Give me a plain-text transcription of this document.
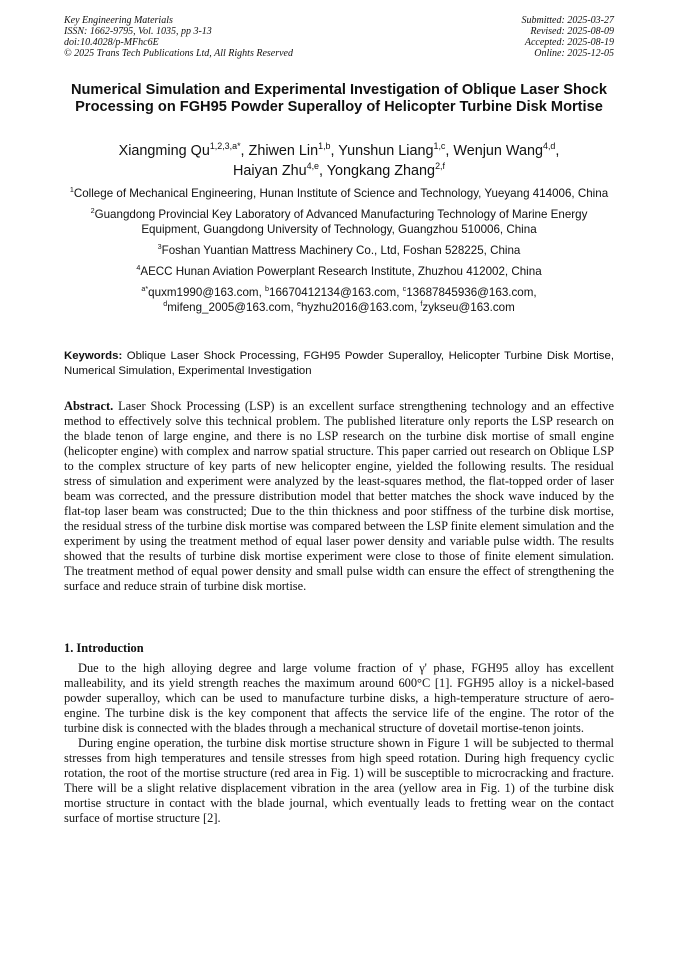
Key Engineering Materials
ISSN: 1662-9795, Vol. 1035, pp 3-13
doi:10.4028/p-MFhc6E
© 2025 Trans Tech Publications Ltd, All Rights Reserved
Submitted: 2025-03-27
Revised: 2025-08-09
Accepted: 2025-08-19
Online: 2025-12-05
Numerical Simulation and Experimental Investigation of Oblique Laser Shock Processing on FGH95 Powder Superalloy of Helicopter Turbine Disk Mortise
Xiangming $Qu^{1,2,3,a*}$, Zhiwen Lin$^{1,b}$, Yunshun Liang$^{1,c}$, Wenjun Wang$^{4,d}$,
Haiyan Zhu$^{4,e}$, Yongkang Zhang$^{2,f}$

$^1$College of Mechanical Engineering, Hunan Institute of Science and Technology, Yueyang 414006, China

$^2$Guangdong Provincial Key Laboratory of Advanced Manufacturing Technology of Marine Energy Equipment, Guangdong University of Technology, Guangzhou 510006, China

$^3$Foshan Yuantian Mattress Machinery Co., Ltd, Foshan 528225, China

$^4$AECC Hunan Aviation Powerplant Research Institute, Zhuzhou 412002, China

$^{a*}$quxm1990@163.com, $^b$16670412134@163.com, $^c$13687845936@163.com,
$^d$mifeng_2005@163.com, $^e$hyzhu2016@163.com, $^f$zykseu@163.com

Keywords: Oblique Laser Shock Processing, FGH95 Powder Superalloy, Helicopter Turbine Disk Mortise, Numerical Simulation, Experimental Investigation
Abstract. Laser Shock Processing (LSP) is an excellent surface strengthening technology and an effective method to effectively solve this technical problem. The published literature only reports the LSP research on the blade tenon of large engine, and there is no LSP research on the turbine disk mortise of small engine (helicopter engine) with complex and narrow spatial structure. This paper carried out research on Oblique LSP to the complex structure of key parts of new helicopter engine, yielded the following results. The residual stress of simulation and experiment were analyzed by the least-squares method, the flat-topped order of laser beam was corrected, and the pressure distribution model that better matches the shock wave induced by the flat-top laser beam was constructed; Due to the thin thickness and poor stiffness of the turbine disk mortise, the residual stress of the turbine disk mortise was compared between the LSP finite element simulation and the experiment by using the treatment method of equal laser power density and variable pulse width. The results showed that the results of turbine disk mortise experiment were close to those of finite element simulation. The treatment method of equal power density and small pulse width can ensure the effect of strengthening the surface and reduce strain of turbine disk mortise.
1. Introduction

Due to the high alloying degree and large volume fraction of γ' phase, FGH95 alloy has excellent malleability, and its yield strength reaches the maximum around 600°C [1]. FGH95 alloy is a nickel-based powder superalloy, which can be used to manufacture turbine disks, a high-temperature structure of aero-engine. The turbine disk is the key component that affects the service life of the engine. The rotor of the turbine disk is connected with the blades through a mechanical structure of dovetail mortise-tenon joints.

During engine operation, the turbine disk mortise structure shown in Figure 1 will be subjected to thermal stresses from high temperatures and tensile stresses from high speed rotation. During high frequency cyclic rotation, the root of the mortise structure (red area in Fig. 1) will be susceptible to microcracking and fracture. There will be a slight relative displacement vibration in the area (yellow area in Fig. 1) of the turbine disk mortise structure in contact with the blade journal, which eventually leads to fretting wear on the contact surface of mortise structure [2].
